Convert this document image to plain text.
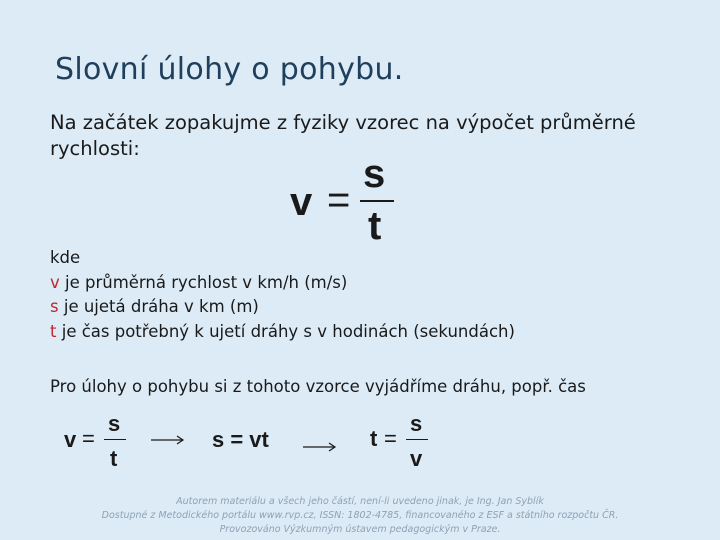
Slovní úlohy o pohybu.
Na začátek zopakujme z fyziky vzorec na výpočet průměrné rychlosti:
v =
s
t
kde
v je průměrná rychlost v km/h (m/s)
s je ujetá dráha v km (m)
t je čas potřebný k ujetí dráhy s v hodinách (sekundách)
Pro úlohy o pohybu si z tohoto vzorce vyjádříme dráhu, popř. čas
v =
s
t
s = vt	t =
s
v
Autorem materiálu a všech jeho částí, není-li uvedeno jinak, je Ing. Jan Syblík
Dostupné z Metodického portálu www.rvp.cz, ISSN: 1802-4785, financovaného z ESF a státního rozpočtu ČR.
Provozováno Výzkumným ústavem pedagogickým v Praze.
